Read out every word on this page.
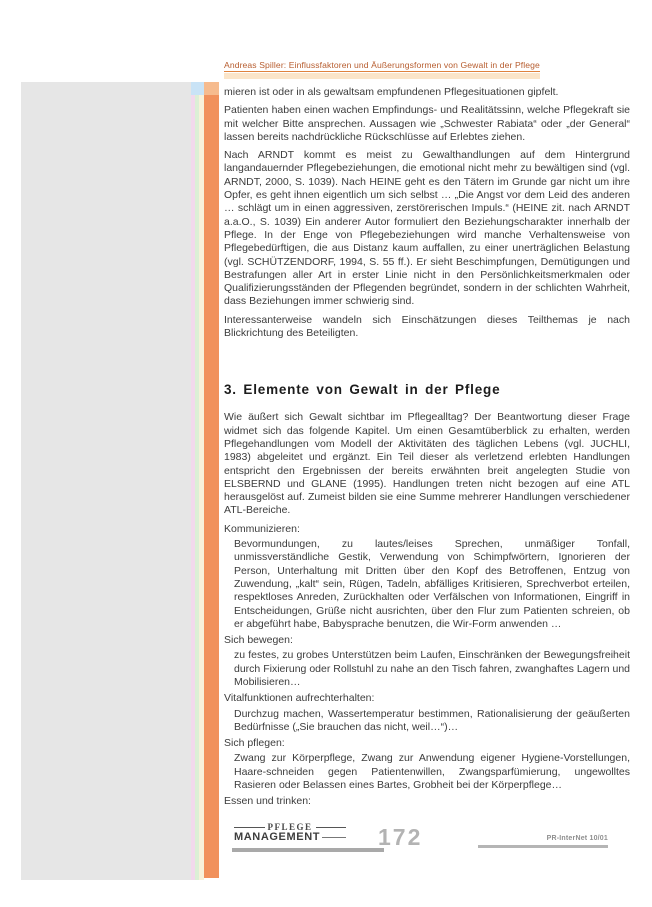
Andreas Spiller: Einflussfaktoren und Äußerungsformen von Gewalt in der Pflege

mieren ist oder in als gewaltsam empfundenen Pflegesituationen gipfelt.

Patienten haben einen wachen Empfindungs- und Realitätssinn, welche Pflegekraft sie mit welcher Bitte ansprechen. Aussagen wie „Schwester Rabiata“ oder „der General“ lassen bereits nachdrückliche Rückschlüsse auf Erlebtes ziehen.

Nach ARNDT kommt es meist zu Gewalthandlungen auf dem Hintergrund langandauernder Pflegebeziehungen, die emotional nicht mehr zu bewältigen sind (vgl. ARNDT, 2000, S. 1039). Nach HEINE geht es den Tätern im Grunde gar nicht um ihre Opfer, es geht ihnen eigentlich um sich selbst … „Die Angst vor dem Leid des anderen … schlägt um in einen aggressiven, zerstörerischen Impuls.“ (HEINE zit. nach ARNDT a.a.O., S. 1039) Ein anderer Autor formuliert den Beziehungscharakter innerhalb der Pflege. In der Enge von Pflegebeziehungen wird manche Verhaltensweise von Pflegebedürftigen, die aus Distanz kaum auffallen, zu einer unerträglichen Belastung (vgl. SCHÜTZENDORF, 1994, S. 55 ff.). Er sieht Beschimpfungen, Demütigungen und Bestrafungen aller Art in erster Linie nicht in den Persönlichkeitsmerkmalen oder Qualifizierungsständen der Pflegenden begründet, sondern in der schlichten Wahrheit, dass Beziehungen immer schwierig sind.

Interessanterweise wandeln sich Einschätzungen dieses Teilthemas je nach Blickrichtung des Beteiligten.

3. Elemente von Gewalt in der Pflege

Wie äußert sich Gewalt sichtbar im Pflegealltag? Der Beantwortung dieser Frage widmet sich das folgende Kapitel. Um einen Gesamtüberblick zu erhalten, werden Pflegehandlungen vom Modell der Aktivitäten des täglichen Lebens (vgl. JUCHLI, 1983) abgeleitet und ergänzt. Ein Teil dieser als verletzend erlebten Handlungen entspricht den Ergebnissen der bereits erwähnten breit angelegten Studie von ELSBERND und GLANE (1995). Handlungen treten nicht bezogen auf eine ATL herausgelöst auf. Zumeist bilden sie eine Summe mehrerer Handlungen verschiedener ATL-Bereiche.

Kommunizieren:

Bevormundungen, zu lautes/leises Sprechen, unmäßiger Tonfall, unmissverständliche Gestik, Verwendung von Schimpfwörtern, Ignorieren der Person, Unterhaltung mit Dritten über den Kopf des Betroffenen, Entzug von Zuwendung, „kalt“ sein, Rügen, Tadeln, abfälliges Kritisieren, Sprechverbot erteilen, respektloses Anreden, Zurückhalten oder Verfälschen von Informationen, Eingriff in Entscheidungen, Grüße nicht ausrichten, über den Flur zum Patienten schreien, ob er abgeführt habe, Babysprache benutzen, die Wir-Form anwenden …

Sich bewegen:

zu festes, zu grobes Unterstützen beim Laufen, Einschränken der Bewegungsfreiheit durch Fixierung oder Rollstuhl zu nahe an den Tisch fahren, zwanghaftes Lagern und Mobilisieren…

Vitalfunktionen aufrechterhalten:

Durchzug machen, Wassertemperatur bestimmen, Rationalisierung der geäußerten Bedürfnisse („Sie brauchen das nicht, weil…“)…

Sich pflegen:

Zwang zur Körperpflege, Zwang zur Anwendung eigener Hygiene-Vorstellungen, Haare-schneiden gegen Patientenwillen, Zwangsparfümierung, ungewolltes Rasieren oder Belassen eines Bartes, Grobheit bei der Körperpflege…

Essen und trinken:

PFLEGE
MANAGEMENT	172	PR-InterNet 10/01
